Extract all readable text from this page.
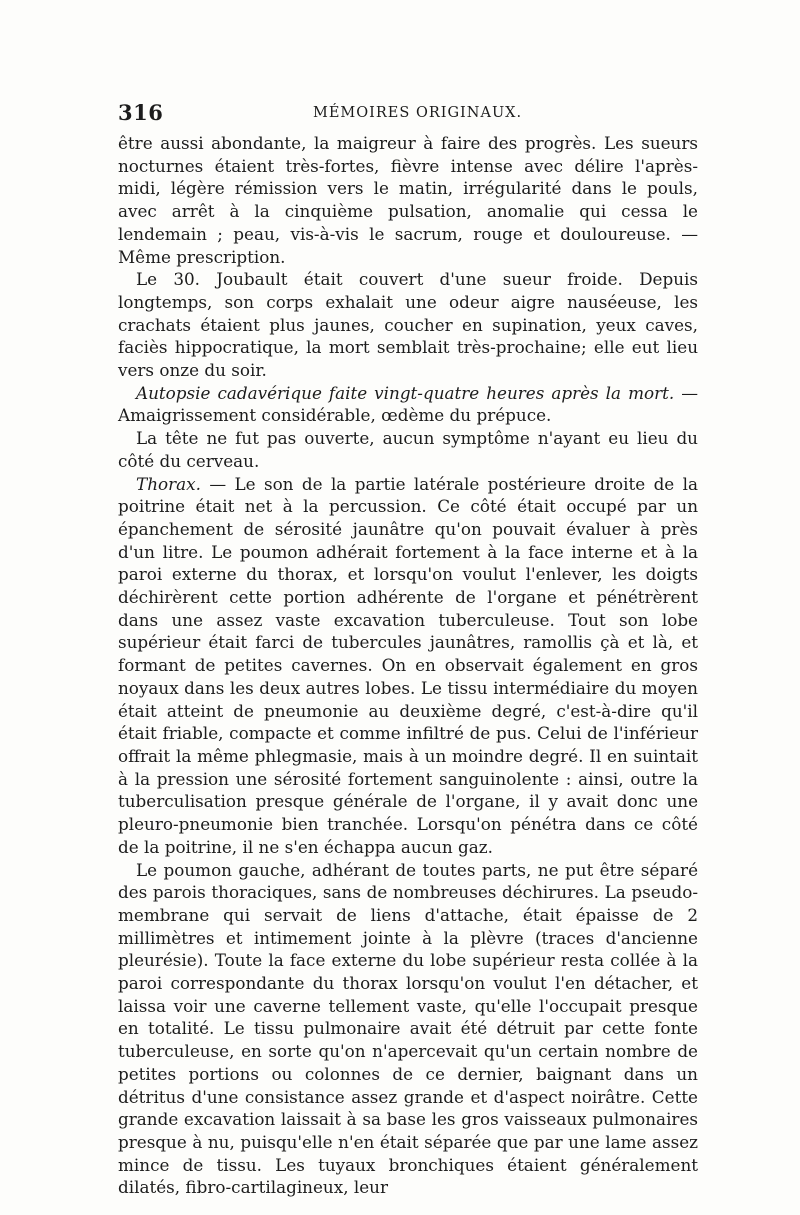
316	MÉMOIRES ORIGINAUX.

être aussi abondante, la maigreur à faire des progrès. Les sueurs nocturnes étaient très-fortes, fièvre intense avec délire l'après-midi, légère rémission vers le matin, irrégularité dans le pouls, avec arrêt à la cinquième pulsation, anomalie qui cessa le lendemain ; peau, vis-à-vis le sacrum, rouge et douloureuse. — Même prescription.

Le 30. Joubault était couvert d'une sueur froide. Depuis longtemps, son corps exhalait une odeur aigre nauséeuse, les crachats étaient plus jaunes, coucher en supination, yeux caves, faciès hippocratique, la mort semblait très-prochaine; elle eut lieu vers onze du soir.

Autopsie cadavérique faite vingt-quatre heures après la mort. — Amaigrissement considérable, œdème du prépuce.

La tête ne fut pas ouverte, aucun symptôme n'ayant eu lieu du côté du cerveau.

Thorax. — Le son de la partie latérale postérieure droite de la poitrine était net à la percussion. Ce côté était occupé par un épanchement de sérosité jaunâtre qu'on pouvait évaluer à près d'un litre. Le poumon adhérait fortement à la face interne et à la paroi externe du thorax, et lorsqu'on voulut l'enlever, les doigts déchirèrent cette portion adhérente de l'organe et pénétrèrent dans une assez vaste excavation tuberculeuse. Tout son lobe supérieur était farci de tubercules jaunâtres, ramollis çà et là, et formant de petites cavernes. On en observait également en gros noyaux dans les deux autres lobes. Le tissu intermédiaire du moyen était atteint de pneumonie au deuxième degré, c'est-à-dire qu'il était friable, compacte et comme infiltré de pus. Celui de l'inférieur offrait la même phlegmasie, mais à un moindre degré. Il en suintait à la pression une sérosité fortement sanguinolente : ainsi, outre la tuberculisation presque générale de l'organe, il y avait donc une pleuro-pneumonie bien tranchée. Lorsqu'on pénétra dans ce côté de la poitrine, il ne s'en échappa aucun gaz.

Le poumon gauche, adhérant de toutes parts, ne put être séparé des parois thoraciques, sans de nombreuses déchirures. La pseudo-membrane qui servait de liens d'attache, était épaisse de 2 millimètres et intimement jointe à la plèvre (traces d'ancienne pleurésie). Toute la face externe du lobe supérieur resta collée à la paroi correspondante du thorax lorsqu'on voulut l'en détacher, et laissa voir une caverne tellement vaste, qu'elle l'occupait presque en totalité. Le tissu pulmonaire avait été détruit par cette fonte tuberculeuse, en sorte qu'on n'apercevait qu'un certain nombre de petites portions ou colonnes de ce dernier, baignant dans un détritus d'une consistance assez grande et d'aspect noirâtre. Cette grande excavation laissait à sa base les gros vaisseaux pulmonaires presque à nu, puisqu'elle n'en était séparée que par une lame assez mince de tissu. Les tuyaux bronchiques étaient généralement dilatés, fibro-cartilagineux, leur
